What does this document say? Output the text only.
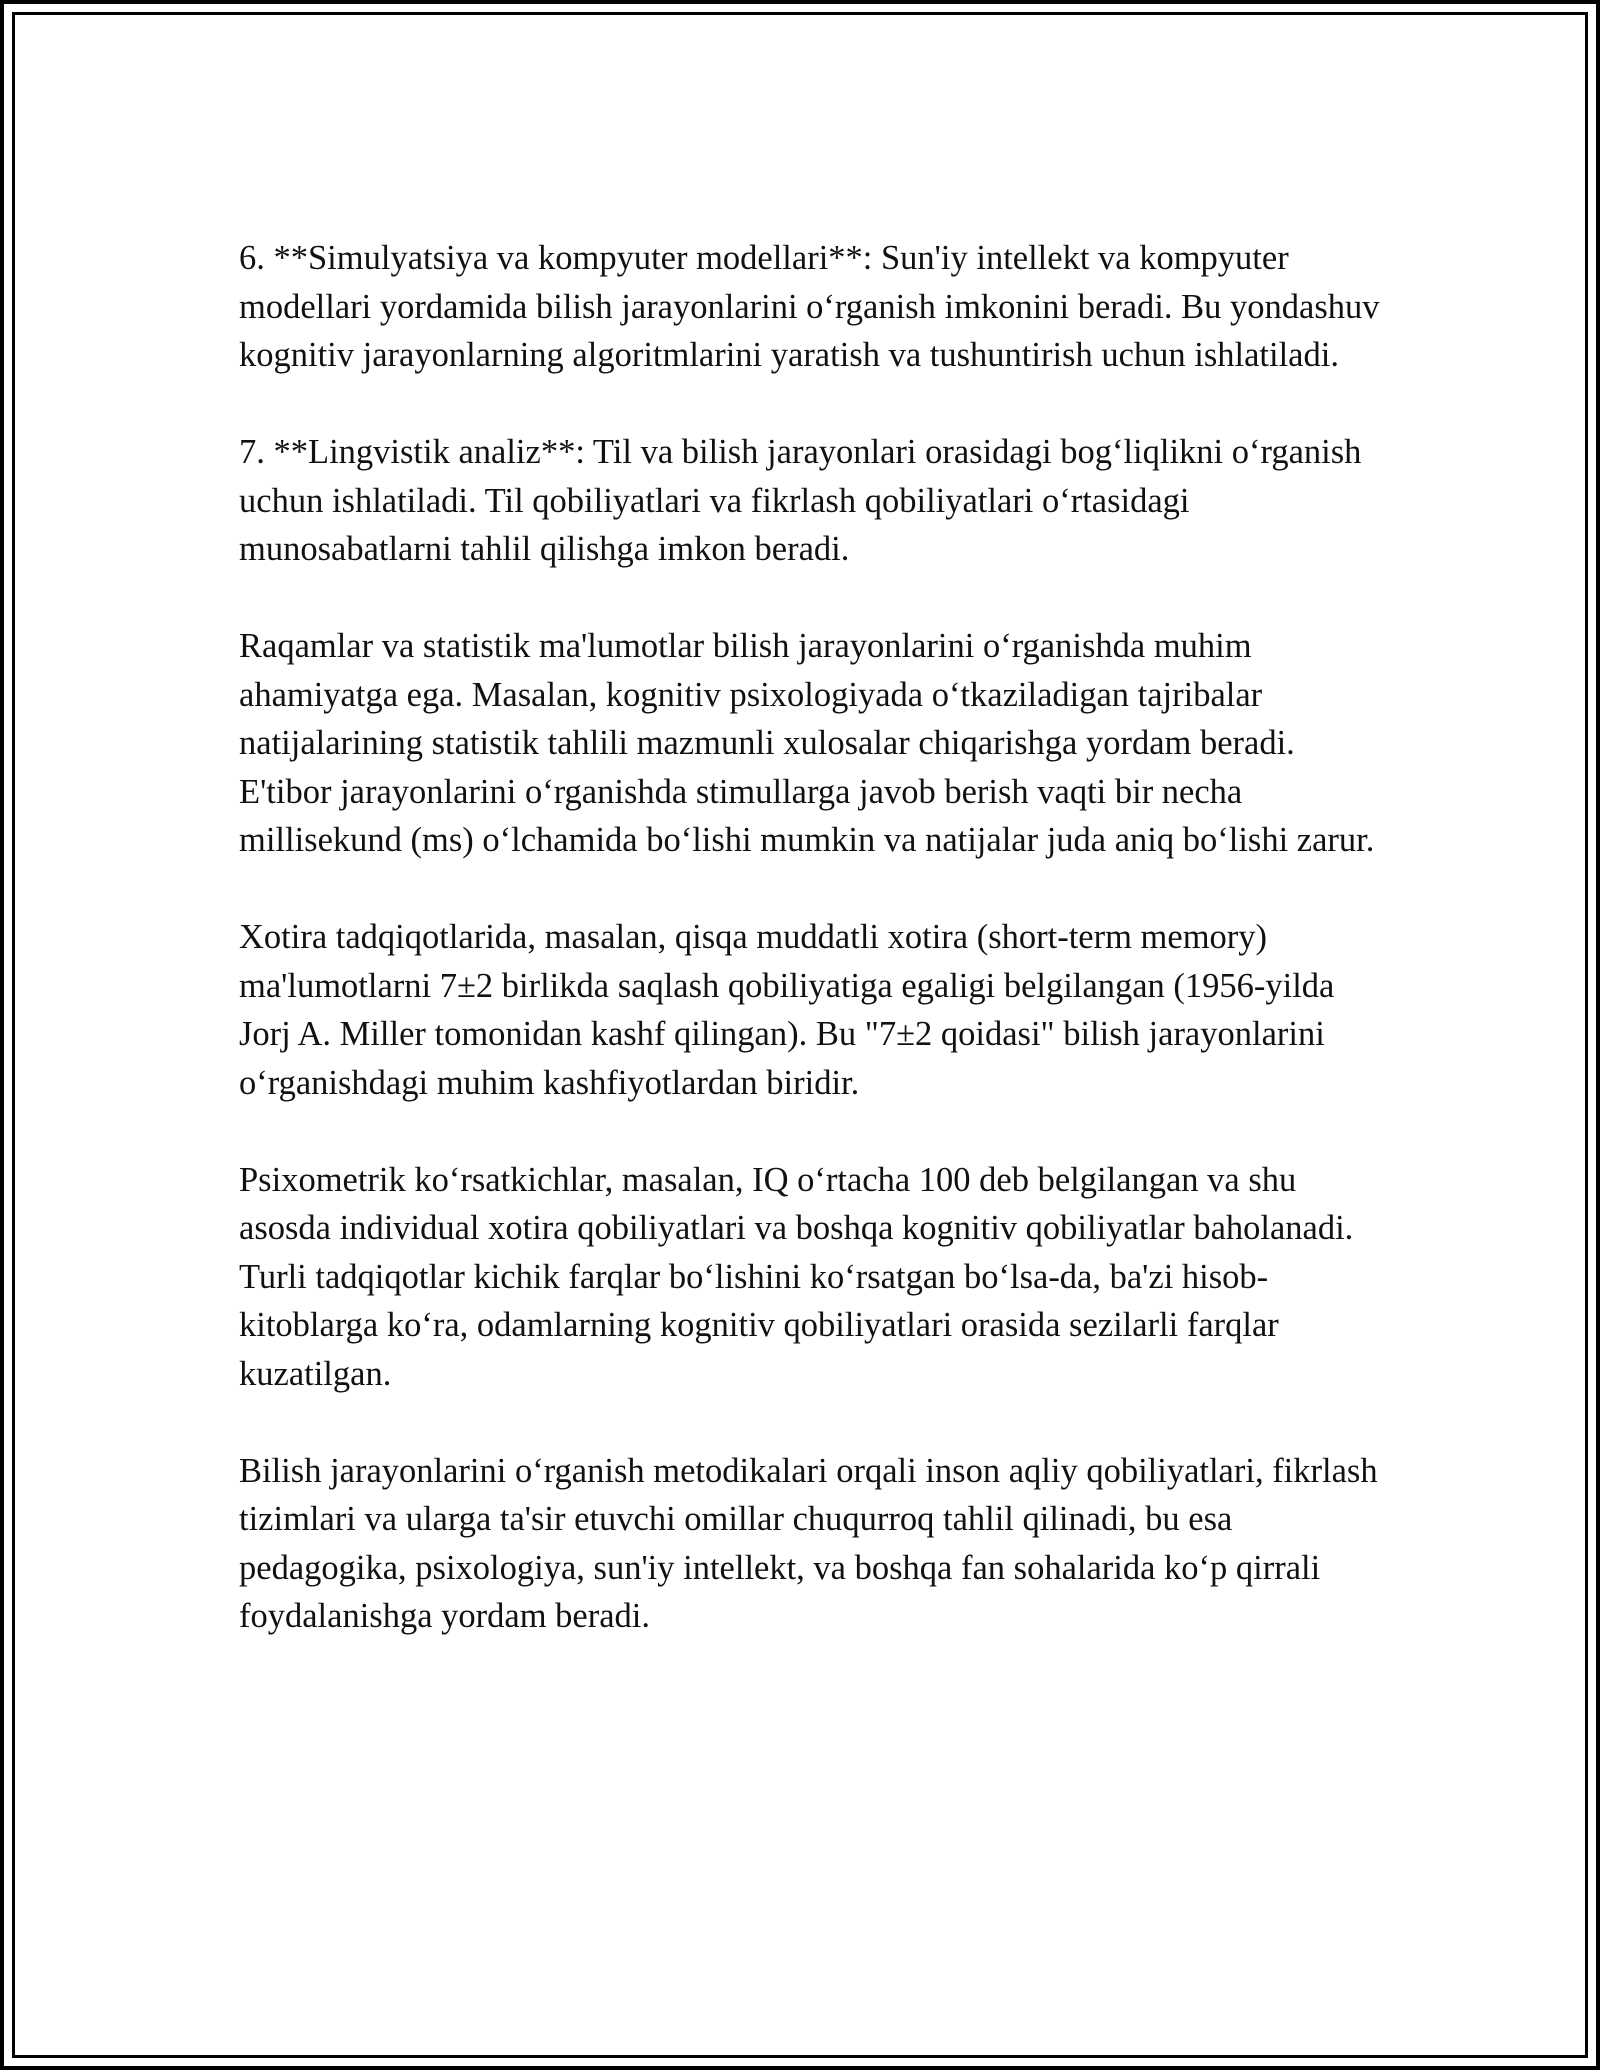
6. **Simulyatsiya va kompyuter modellari**: Sun'iy intellekt va kompyuter modellari yordamida bilish jarayonlarini o‘rganish imkonini beradi. Bu yondashuv kognitiv jarayonlarning algoritmlarini yaratish va tushuntirish uchun ishlatiladi.

7. **Lingvistik analiz**: Til va bilish jarayonlari orasidagi bog‘liqlikni o‘rganish uchun ishlatiladi. Til qobiliyatlari va fikrlash qobiliyatlari o‘rtasidagi munosabatlarni tahlil qilishga imkon beradi.

Raqamlar va statistik ma'lumotlar bilish jarayonlarini o‘rganishda muhim ahamiyatga ega. Masalan, kognitiv psixologiyada o‘tkaziladigan tajribalar natijalarining statistik tahlili mazmunli xulosalar chiqarishga yordam beradi. E'tibor jarayonlarini o‘rganishda stimullarga javob berish vaqti bir necha millisekund (ms) o‘lchamida bo‘lishi mumkin va natijalar juda aniq bo‘lishi zarur.

Xotira tadqiqotlarida, masalan, qisqa muddatli xotira (short-term memory) ma'lumotlarni 7±2 birlikda saqlash qobiliyatiga egaligi belgilangan (1956-yilda Jorj A. Miller tomonidan kashf qilingan). Bu "7±2 qoidasi" bilish jarayonlarini o‘rganishdagi muhim kashfiyotlardan biridir.

Psixometrik ko‘rsatkichlar, masalan, IQ o‘rtacha 100 deb belgilangan va shu asosda individual xotira qobiliyatlari va boshqa kognitiv qobiliyatlar baholanadi. Turli tadqiqotlar kichik farqlar bo‘lishini ko‘rsatgan bo‘lsa-da, ba'zi hisob-kitoblarga ko‘ra, odamlarning kognitiv qobiliyatlari orasida sezilarli farqlar kuzatilgan.

Bilish jarayonlarini o‘rganish metodikalari orqali inson aqliy qobiliyatlari, fikrlash tizimlari va ularga ta'sir etuvchi omillar chuqurroq tahlil qilinadi, bu esa pedagogika, psixologiya, sun'iy intellekt, va boshqa fan sohalarida ko‘p qirrali foydalanishga yordam beradi.
